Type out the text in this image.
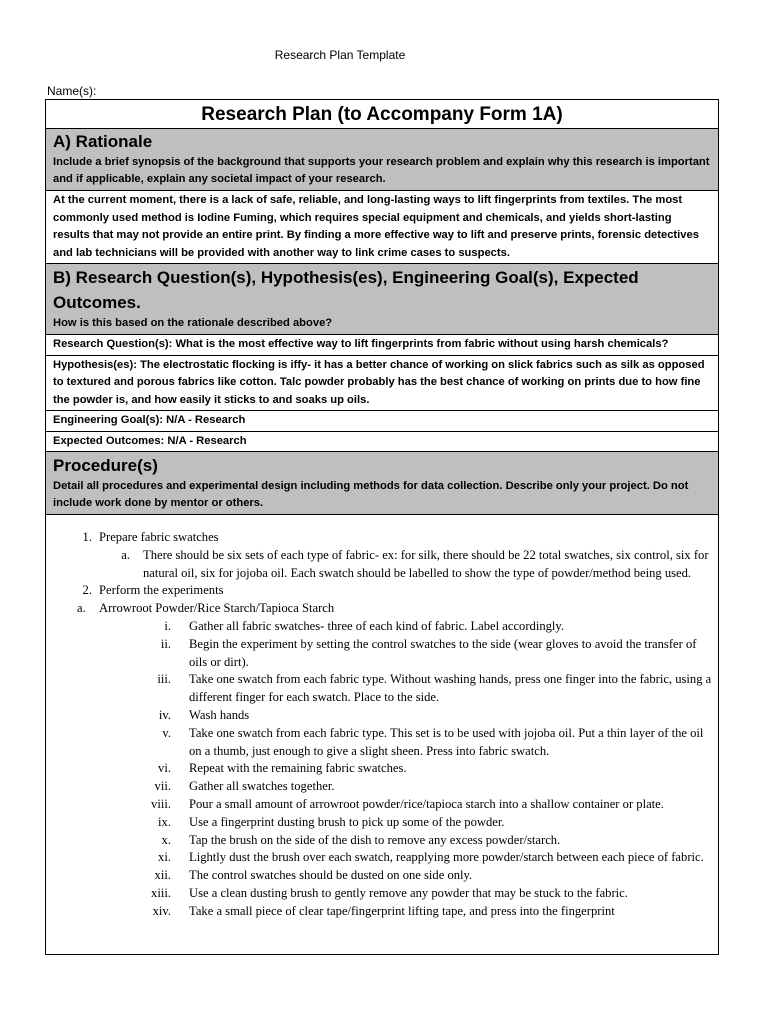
Research Plan Template
Name(s):
Research Plan (to Accompany Form 1A)
A) Rationale
Include a brief synopsis of the background that supports your research problem and explain why this research is important and if applicable, explain any societal impact of your research.
At the current moment, there is a lack of safe, reliable, and long-lasting ways to lift fingerprints from textiles. The most commonly used method is Iodine Fuming, which requires special equipment and chemicals, and yields short-lasting results that may not provide an entire print. By finding a more effective way to lift and preserve prints, forensic detectives and lab technicians will be provided with another way to link crime cases to suspects.
B) Research Question(s), Hypothesis(es), Engineering Goal(s), Expected Outcomes.
How is this based on the rationale described above?
Research Question(s): What is the most effective way to lift fingerprints from fabric without using harsh chemicals?
Hypothesis(es): The electrostatic flocking is iffy- it has a better chance of working on slick fabrics such as silk as opposed to textured and porous fabrics like cotton. Talc powder probably has the best chance of working on prints due to how fine the powder is, and how easily it sticks to and soaks up oils.
Engineering Goal(s): N/A - Research
Expected Outcomes: N/A - Research
Procedure(s)
Detail all procedures and experimental design including methods for data collection. Describe only your project. Do not include work done by mentor or others.
1. Prepare fabric swatches
a. There should be six sets of each type of fabric- ex: for silk, there should be 22 total swatches, six control, six for natural oil, six for jojoba oil. Each swatch should be labelled to show the type of powder/method being used.
2. Perform the experiments
a. Arrowroot Powder/Rice Starch/Tapioca Starch
i. Gather all fabric swatches- three of each kind of fabric. Label accordingly.
ii. Begin the experiment by setting the control swatches to the side (wear gloves to avoid the transfer of oils or dirt).
iii. Take one swatch from each fabric type. Without washing hands, press one finger into the fabric, using a different finger for each swatch. Place to the side.
iv. Wash hands
v. Take one swatch from each fabric type. This set is to be used with jojoba oil. Put a thin layer of the oil on a thumb, just enough to give a slight sheen. Press into fabric swatch.
vi. Repeat with the remaining fabric swatches.
vii. Gather all swatches together.
viii. Pour a small amount of arrowroot powder/rice/tapioca starch into a shallow container or plate.
ix. Use a fingerprint dusting brush to pick up some of the powder.
x. Tap the brush on the side of the dish to remove any excess powder/starch.
xi. Lightly dust the brush over each swatch, reapplying more powder/starch between each piece of fabric.
xii. The control swatches should be dusted on one side only.
xiii. Use a clean dusting brush to gently remove any powder that may be stuck to the fabric.
xiv. Take a small piece of clear tape/fingerprint lifting tape, and press into the fingerprint
